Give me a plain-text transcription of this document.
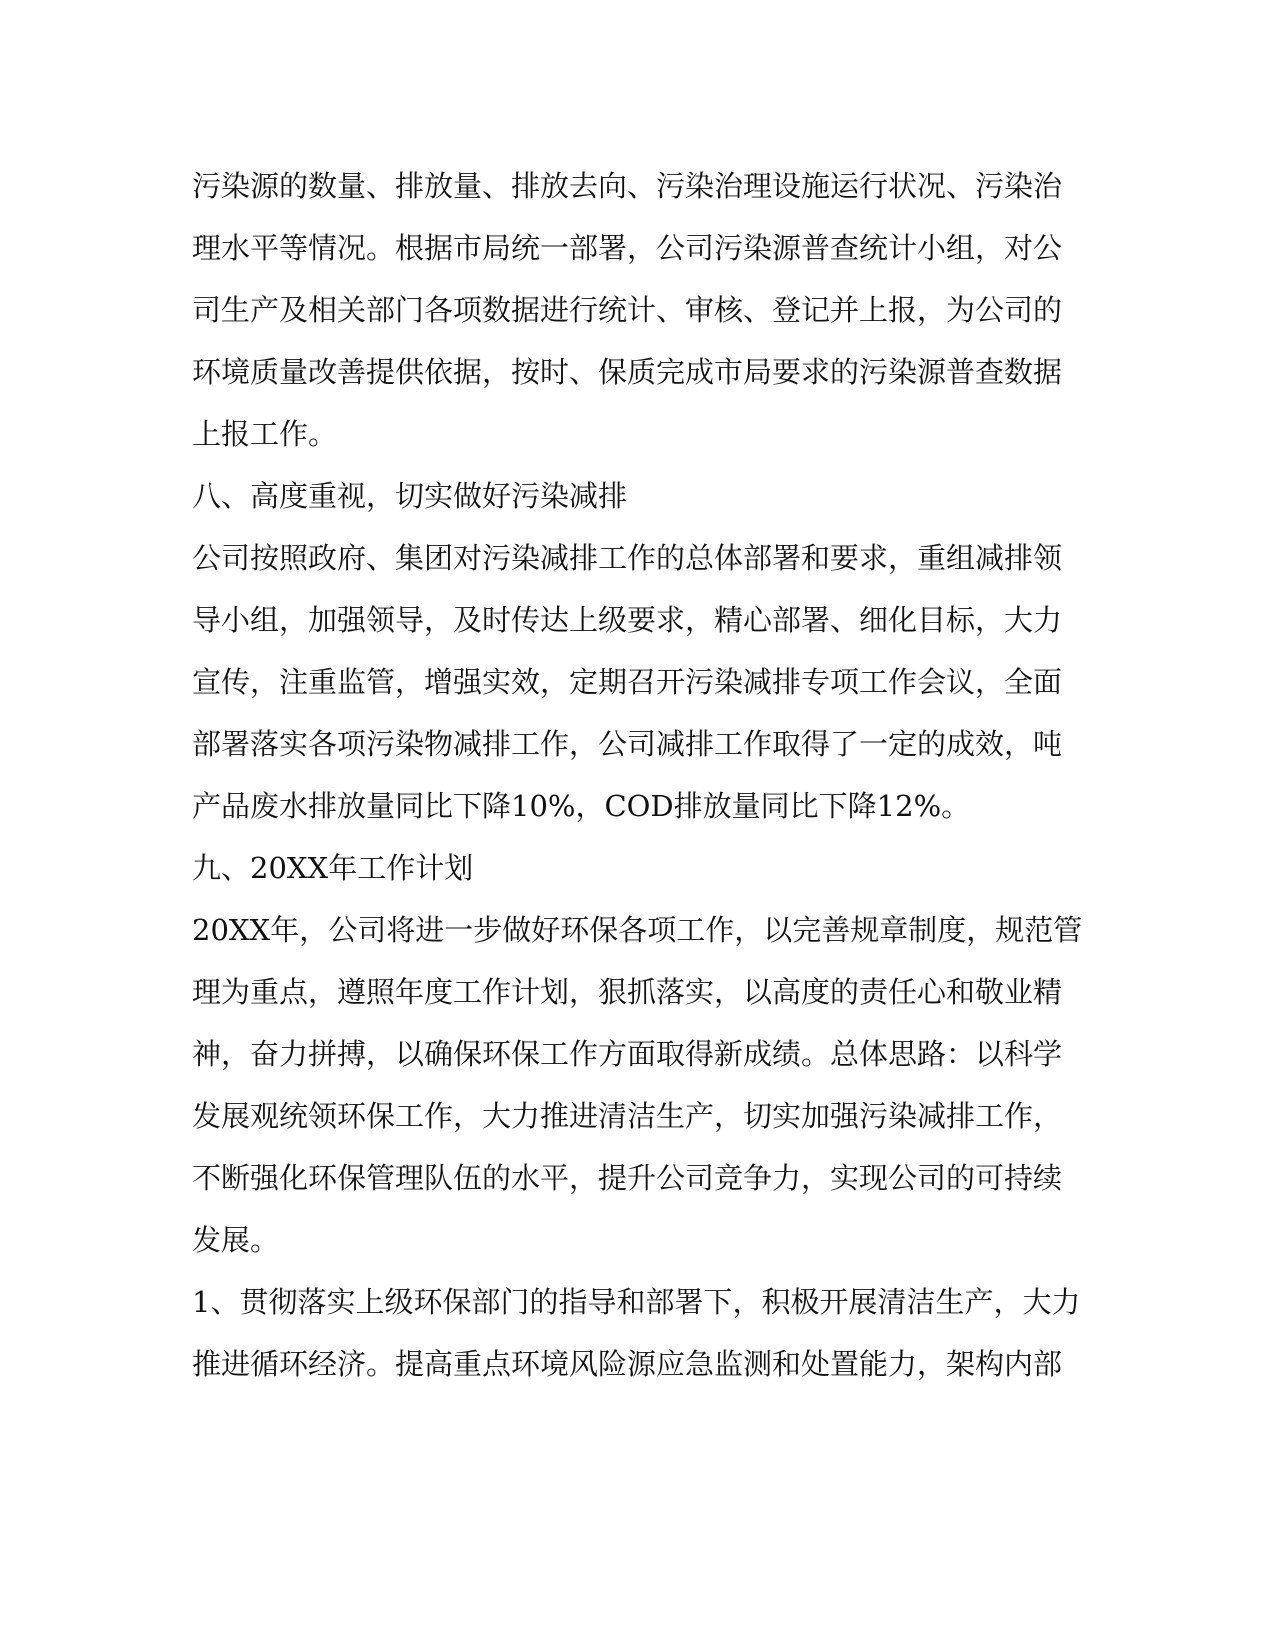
污染源的数量、排放量、排放去向、污染治理设施运行状况、污染治
理水平等情况。根据市局统一部署，公司污染源普查统计小组，对公
司生产及相关部门各项数据进行统计、审核、登记并上报，为公司的
环境质量改善提供依据，按时、保质完成市局要求的污染源普查数据
上报工作。
八、高度重视，切实做好污染减排
公司按照政府、集团对污染减排工作的总体部署和要求，重组减排领
导小组，加强领导，及时传达上级要求，精心部署、细化目标，大力
宣传，注重监管，增强实效，定期召开污染减排专项工作会议，全面
部署落实各项污染物减排工作，公司减排工作取得了一定的成效，吨
产品废水排放量同比下降10%，COD排放量同比下降12%。
九、20XX年工作计划
20XX年，公司将进一步做好环保各项工作，以完善规章制度，规范管
理为重点，遵照年度工作计划，狠抓落实，以高度的责任心和敬业精
神，奋力拼搏，以确保环保工作方面取得新成绩。总体思路：以科学
发展观统领环保工作，大力推进清洁生产，切实加强污染减排工作，
不断强化环保管理队伍的水平，提升公司竞争力，实现公司的可持续
发展。
1、贯彻落实上级环保部门的指导和部署下，积极开展清洁生产，大力
推进循环经济。提高重点环境风险源应急监测和处置能力，架构内部
